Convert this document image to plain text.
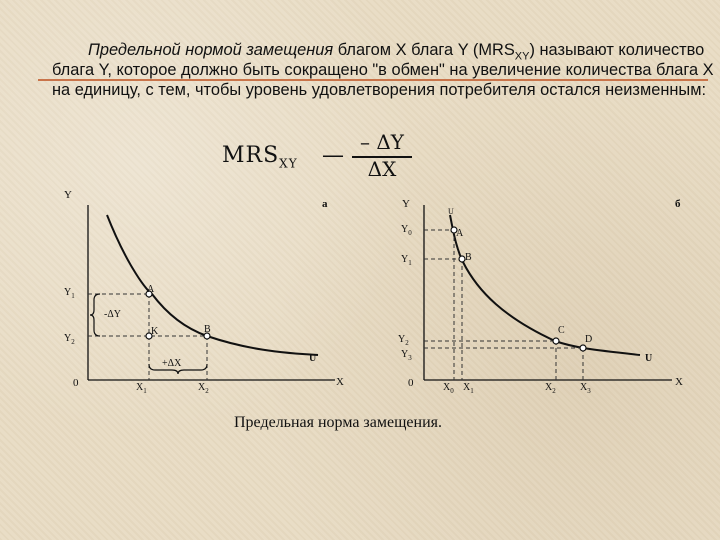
Предельной нормой замещения благом X блага Y $(MRS_{XY})$ называют количество блага Y, которое должно быть сокращено "в обмен" на увеличение количества блага X на единицу, с тем, чтобы уровень удовлетворения потребителя остался неизменным:

$MRS_{XY}$ —
– ΔY
ΔX
Y
X
0
а
$Y_1$
$Y_2$
$X_1$	$X_2$
A
K	B
U
-ΔY
+ΔX
Y
X
0
б
U
U
$Y_0$
$Y_1$
$Y_2$
$Y_3$
$X_0$ $X_1$	$X_2$ $X_3$
A
B
C
D
Предельная норма замещения.
